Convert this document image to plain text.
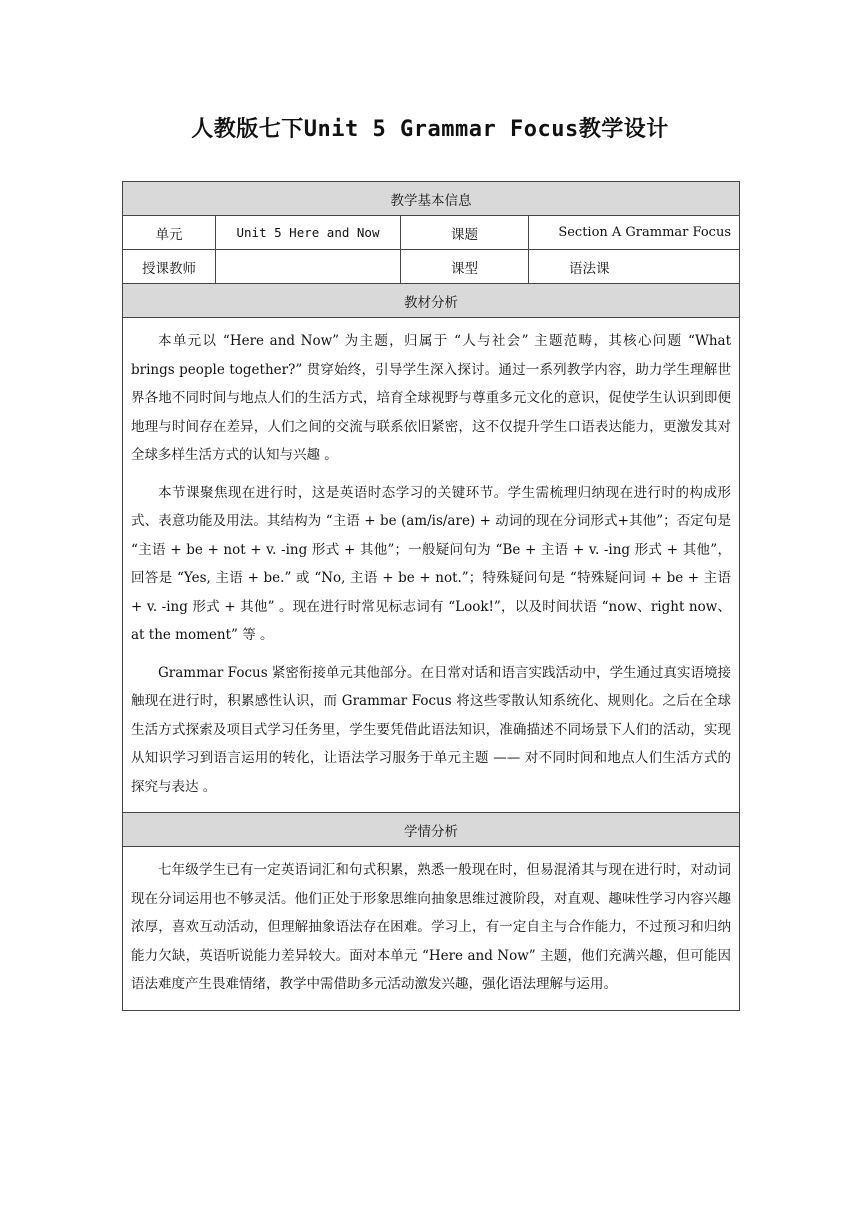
人教版七下Unit 5 Grammar Focus教学设计
教学基本信息			
单元	Unit 5 Here and Now	课题	Section A Grammar Focus
授课教师		课型	语法课
教材分析			

本单元以 “Here and Now” 为主题，归属于 “人与社会” 主题范畴，其核心问题 “What brings people together?” 贯穿始终，引导学生深入探讨。通过一系列教学内容，助力学生理解世界各地不同时间与地点人们的生活方式，培育全球视野与尊重多元文化的意识，促使学生认识到即便地理与时间存在差异，人们之间的交流与联系依旧紧密，这不仅提升学生口语表达能力，更激发其对全球多样生活方式的认知与兴趣 。

本节课聚焦现在进行时，这是英语时态学习的关键环节。学生需梳理归纳现在进行时的构成形式、表意功能及用法。其结构为 “主语 + be (am/is/are) + 动词的现在分词形式+其他”；否定句是 “主语 + be + not + v. -ing 形式 + 其他”；一般疑问句为 “Be + 主语 + v. -ing 形式 + 其他”，回答是 “Yes, 主语 + be.” 或 “No, 主语 + be + not.”；特殊疑问句是 “特殊疑问词 + be + 主语 + v. -ing 形式 + 其他” 。现在进行时常见标志词有 “Look!”，以及时间状语 “now、right now、at the moment” 等 。

Grammar Focus 紧密衔接单元其他部分。在日常对话和语言实践活动中，学生通过真实语境接触现在进行时，积累感性认识，而 Grammar Focus 将这些零散认知系统化、规则化。之后在全球生活方式探索及项目式学习任务里，学生要凭借此语法知识，准确描述不同场景下人们的活动，实现从知识学习到语言运用的转化，让语法学习服务于单元主题 —— 对不同时间和地点人们生活方式的探究与表达 。			

学情分析			

七年级学生已有一定英语词汇和句式积累，熟悉一般现在时，但易混淆其与现在进行时，对动词现在分词运用也不够灵活。他们正处于形象思维向抽象思维过渡阶段，对直观、趣味性学习内容兴趣浓厚，喜欢互动活动，但理解抽象语法存在困难。学习上，有一定自主与合作能力，不过预习和归纳能力欠缺，英语听说能力差异较大。面对本单元 “Here and Now” 主题，他们充满兴趣，但可能因语法难度产生畏难情绪，教学中需借助多元活动激发兴趣，强化语法理解与运用。			
